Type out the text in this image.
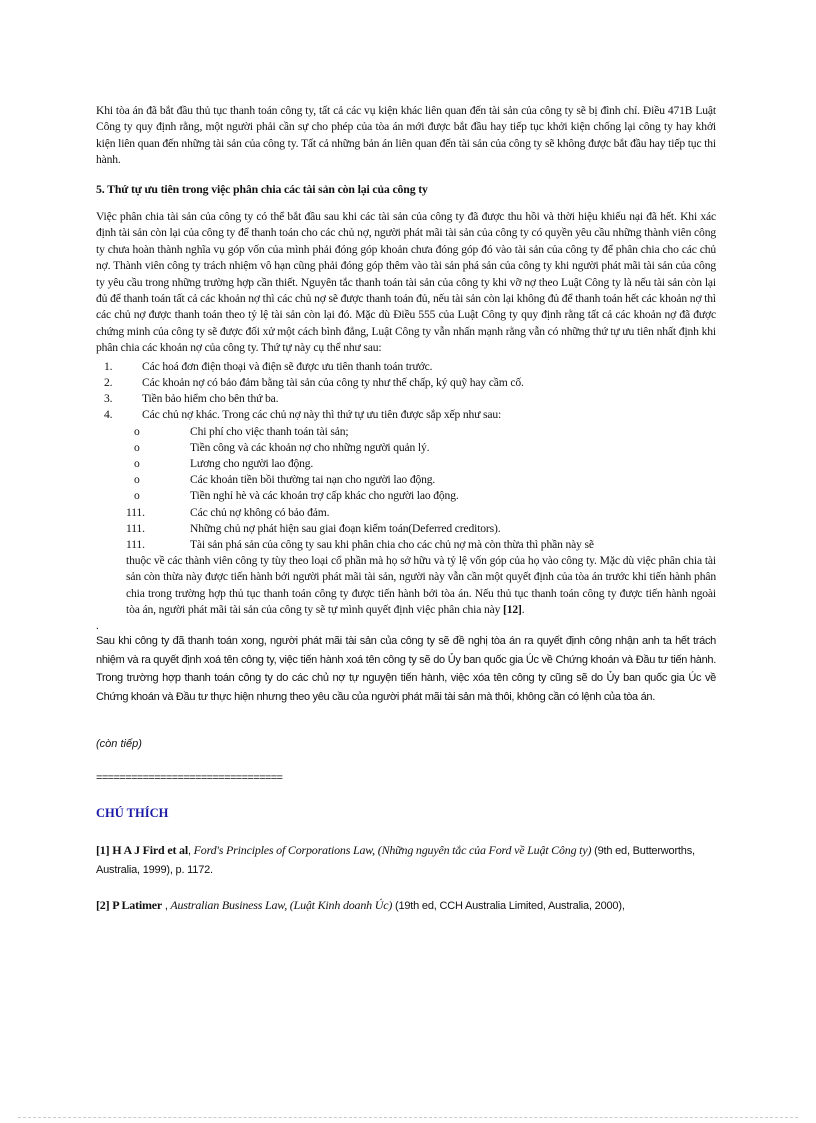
Khi tòa án đã bắt đầu thủ tục thanh toán công ty, tất cả các vụ kiện khác liên quan đến tài sản của công ty sẽ bị đình chỉ. Điều 471B Luật Công ty quy định rằng, một người phải cần sự cho phép của tòa án mới được bắt đầu hay tiếp tục khởi kiện chống lại công ty hay khởi kiện liên quan đến những tài sản của công ty. Tất cả những bản án liên quan đến tài sản của công ty sẽ không được bắt đầu hay tiếp tục thi hành.

5. Thứ tự ưu tiên trong việc phân chia các tài sản còn lại của công ty

Việc phân chia tài sản của công ty có thể bắt đầu sau khi các tài sản của công ty đã được thu hồi và thời hiệu khiếu nại đã hết. Khi xác định tài sản còn lại của công ty để thanh toán cho các chủ nợ, người phát mãi tài sản của công ty có quyền yêu cầu những thành viên công ty chưa hoàn thành nghĩa vụ góp vốn của mình phải đóng góp khoản chưa đóng góp đó vào tài sản của công ty để phân chia cho các chủ nợ. Thành viên công ty trách nhiệm vô hạn cũng phải đóng góp thêm vào tài sản phá sản của công ty khi người phát mãi tài sản của công ty yêu cầu trong những trường hợp cần thiết. Nguyên tắc thanh toán tài sản của công ty khi vỡ nợ theo Luật Công ty là nếu tài sản còn lại đủ để thanh toán tất cả các khoản nợ thì các chủ nợ sẽ được thanh toán đủ, nếu tài sản còn lại không đủ để thanh toán hết các khoản nợ thì các chủ nợ được thanh toán theo tỷ lệ tài sản còn lại đó. Mặc dù Điều 555 của Luật Công ty quy định rằng tất cả các khoản nợ đã được chứng minh của công ty sẽ được đối xử một cách bình đẳng, Luật Công ty vẫn nhấn mạnh rằng vẫn có những thứ tự ưu tiên nhất định khi phân chia các khoản nợ của công ty. Thứ tự này cụ thể như sau:

1.	Các hoá đơn điện thoại và điện sẽ được ưu tiên thanh toán trước.
2.	Các khoản nợ có bảo đảm bằng tài sản của công ty như thế chấp, ký quỹ hay cầm cố.
3.	Tiền bảo hiểm cho bên thứ ba.
4.	Các chủ nợ khác. Trong các chủ nợ này thì thứ tự ưu tiên được sắp xếp như sau:
o	Chi phí cho việc thanh toán tài sản;
o	Tiền công và các khoản nợ cho những người quản lý.
o	Lương cho người lao động.
o	Các khoản tiền bồi thường tai nạn cho người lao động.
o	Tiền nghỉ hè và các khoản trợ cấp khác cho người lao động.
111.	Các chủ nợ không có bảo đảm.
111.	Những chủ nợ phát hiện sau giai đoạn kiểm toán(Deferred creditors).
111.	Tài sản phá sản của công ty sau khi phân chia cho các chủ nợ mà còn thừa thì phần này sẽ
thuộc về các thành viên công ty tùy theo loại cổ phần mà họ sở hữu và tỷ lệ vốn góp của họ vào công ty. Mặc dù việc phân chia tài sản còn thừa này được tiến hành bởi người phát mãi tài sản, người này vẫn cần một quyết định của tòa án trước khi tiến hành phân chia trong trường hợp thủ tục thanh toán công ty được tiến hành bởi tòa án. Nếu thủ tục thanh toán công ty được tiến hành ngoài tòa án, người phát mãi tài sản của công ty sẽ tự mình quyết định việc phân chia này [12].
.

Sau khi công ty đã thanh toán xong, người phát mãi tài sản của công ty sẽ đề nghị tòa án ra quyết định công nhận anh ta hết trách nhiệm và ra quyết định xoá tên công ty, việc tiến hành xoá tên công ty sẽ do Ủy ban quốc gia Úc về Chứng khoán và Đầu tư tiến hành. Trong trường hợp thanh toán công ty do các chủ nợ tự nguyện tiến hành, việc xóa tên công ty cũng sẽ do Ủy ban quốc gia Úc về Chứng khoán và Đầu tư thực hiện nhưng theo yêu cầu của người phát mãi tài sản mà thôi, không cần có lệnh của tòa án.

(còn tiếp)
================================
CHÚ THÍCH
[1] H A J Fird et al, Ford's Principles of Corporations Law, (Những nguyên tắc của Ford về Luật Công ty) (9th ed, Butterworths, Australia, 1999), p. 1172.
[2] P Latimer , Australian Business Law, (Luật Kinh doanh Úc) (19th ed, CCH Australia Limited, Australia, 2000),
